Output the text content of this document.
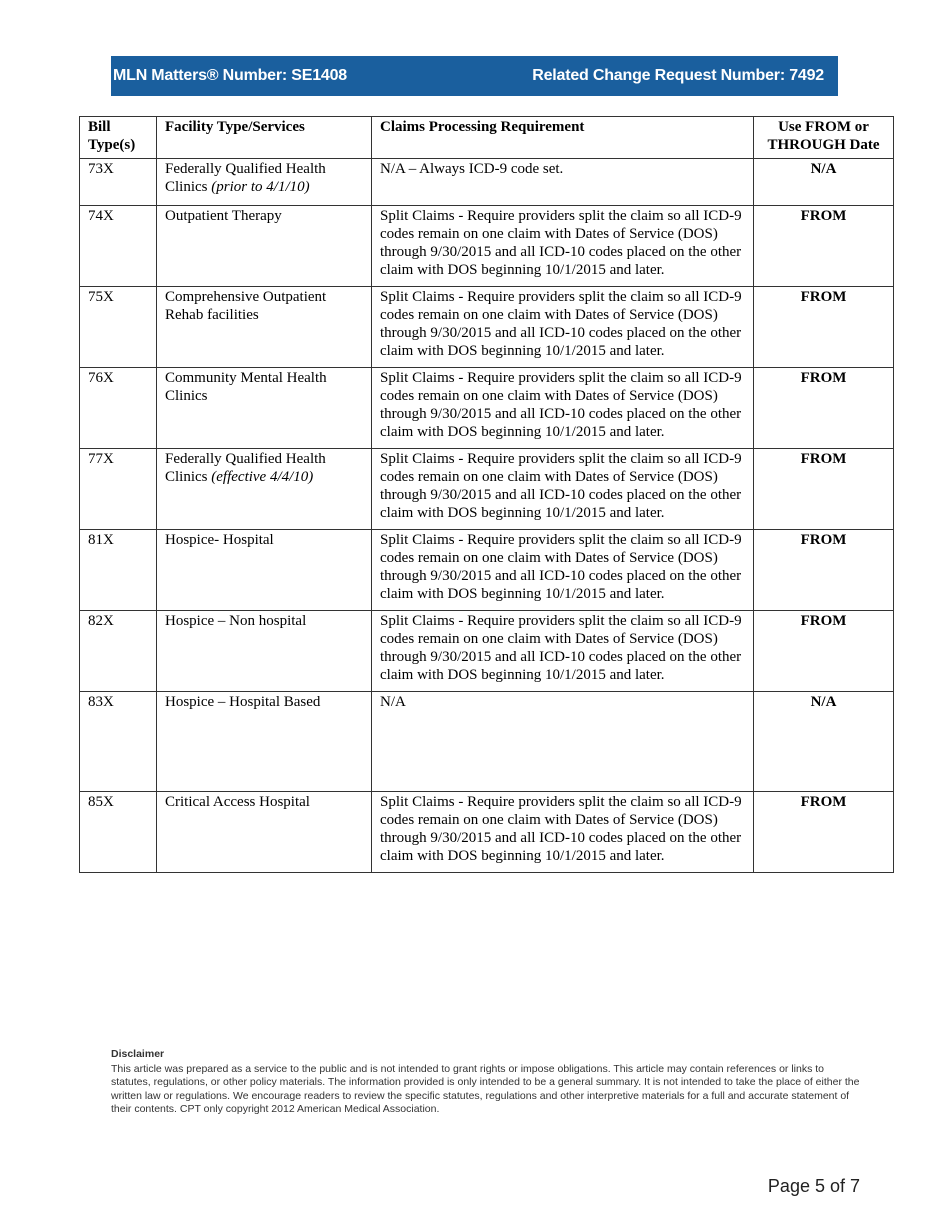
MLN Matters® Number: SE1408	Related Change Request Number: 7492
Bill Type(s)	Facility Type/Services	Claims Processing Requirement	Use FROM or THROUGH Date
73X	Federally Qualified Health Clinics (prior to 4/1/10)	N/A – Always ICD-9 code set.	N/A
74X	Outpatient Therapy	Split Claims - Require providers split the claim so all ICD-9 codes remain on one claim with Dates of Service (DOS) through 9/30/2015 and all ICD-10 codes placed on the other claim with DOS beginning 10/1/2015 and later.	FROM
75X	Comprehensive Outpatient Rehab facilities	Split Claims - Require providers split the claim so all ICD-9 codes remain on one claim with Dates of Service (DOS) through 9/30/2015 and all ICD-10 codes placed on the other claim with DOS beginning 10/1/2015 and later.	FROM
76X	Community Mental Health Clinics	Split Claims - Require providers split the claim so all ICD-9 codes remain on one claim with Dates of Service (DOS) through 9/30/2015 and all ICD-10 codes placed on the other claim with DOS beginning 10/1/2015 and later.	FROM
77X	Federally Qualified Health Clinics (effective 4/4/10)	Split Claims - Require providers split the claim so all ICD-9 codes remain on one claim with Dates of Service (DOS) through 9/30/2015 and all ICD-10 codes placed on the other claim with DOS beginning 10/1/2015 and later.	FROM
81X	Hospice- Hospital	Split Claims - Require providers split the claim so all ICD-9 codes remain on one claim with Dates of Service (DOS) through 9/30/2015 and all ICD-10 codes placed on the other claim with DOS beginning 10/1/2015 and later.	FROM
82X	Hospice – Non hospital	Split Claims - Require providers split the claim so all ICD-9 codes remain on one claim with Dates of Service (DOS) through 9/30/2015 and all ICD-10 codes placed on the other claim with DOS beginning 10/1/2015 and later.	FROM
83X	Hospice – Hospital Based	N/A	N/A
85X	Critical Access Hospital	Split Claims - Require providers split the claim so all ICD-9 codes remain on one claim with Dates of Service (DOS) through 9/30/2015 and all ICD-10 codes placed on the other claim with DOS beginning 10/1/2015 and later.	FROM
Disclaimer
This article was prepared as a service to the public and is not intended to grant rights or impose obligations. This article may contain references or links to statutes, regulations, or other policy materials. The information provided is only intended to be a general summary. It is not intended to take the place of either the written law or regulations. We encourage readers to review the specific statutes, regulations and other interpretive materials for a full and accurate statement of their contents. CPT only copyright 2012 American Medical Association.
Page 5 of 7
